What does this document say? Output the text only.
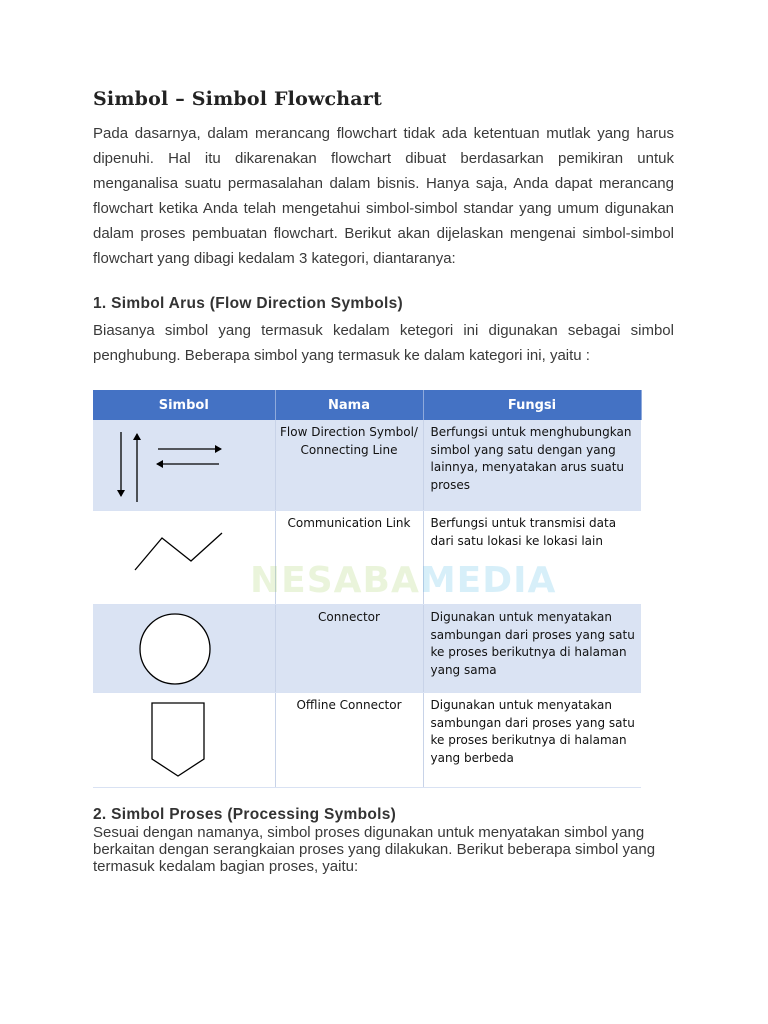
Simbol – Simbol Flowchart

Pada dasarnya, dalam merancang flowchart tidak ada ketentuan mutlak yang harus dipenuhi. Hal itu dikarenakan flowchart dibuat berdasarkan pemikiran untuk menganalisa suatu permasalahan dalam bisnis. Hanya saja, Anda dapat merancang flowchart ketika Anda telah mengetahui simbol-simbol standar yang umum digunakan dalam proses pembuatan flowchart. Berikut akan dijelaskan mengenai simbol-simbol flowchart yang dibagi kedalam 3 kategori, diantaranya:

1. Simbol Arus (Flow Direction Symbols)

Biasanya simbol yang termasuk kedalam ketegori ini digunakan sebagai simbol penghubung. Beberapa simbol yang termasuk ke dalam kategori ini, yaitu :

2. Simbol Proses (Processing Symbols)

Sesuai dengan namanya, simbol proses digunakan untuk menyatakan simbol yang berkaitan dengan serangkaian proses yang dilakukan. Berikut beberapa simbol yang termasuk kedalam bagian proses, yaitu:

Simbol	Nama	Fungsi

	Flow Direction Symbol/ Connecting Line	Berfungsi untuk menghubungkan simbol yang satu dengan yang lainnya, menyatakan arus suatu proses

	Communication Link	Berfungsi untuk transmisi data dari satu lokasi ke lokasi lain

	Connector	Digunakan untuk menyatakan sambungan dari proses yang satu ke proses berikutnya di halaman yang sama

	Offline Connector	Digunakan untuk menyatakan sambungan dari proses yang satu ke proses berikutnya di halaman yang berbeda
NESABAMEDIA
